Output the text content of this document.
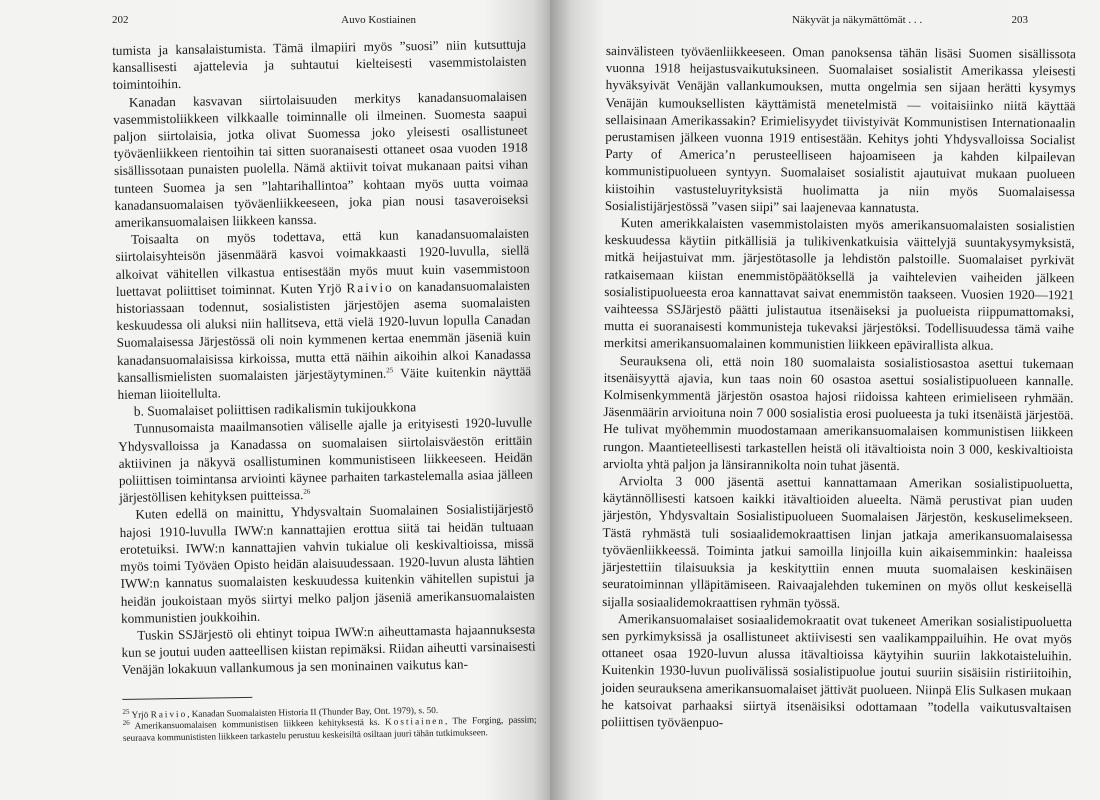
202	Auvo Kostiainen

tumista ja kansalaistumista. Tämä ilmapiiri myös ”suosi” niin kutsuttuja kansallisesti ajattelevia ja suhtautui kielteisesti vasemmistolaisten toimintoihin.

Kanadan kasvavan siirtolaisuuden merkitys kanadansuomalaisen vasemmistoliikkeen vilkkaalle toiminnalle oli ilmeinen. Suomesta saapui paljon siirtolaisia, jotka olivat Suomessa joko yleisesti osallistuneet työväenliikkeen rientoihin tai sitten suoranaisesti ottaneet osaa vuoden 1918 sisällissotaan punaisten puolella. Nämä aktiivit toivat mukanaan paitsi vihan tunteen Suomea ja sen ”lahtarihallintoa” kohtaan myös uutta voimaa kanadansuomalaisen työväenliikkeeseen, joka pian nousi tasaveroiseksi amerikansuomalaisen liikkeen kanssa.

Toisaalta on myös todettava, että kun kanadansuomalaisten siirtolaisyhteisön jäsenmäärä kasvoi voimakkaasti 1920-luvulla, siellä alkoivat vähitellen vilkastua entisestään myös muut kuin vasemmistoon luettavat poliittiset toiminnat. Kuten Yrjö Raivio on kanadansuomalaisten historiassaan todennut, sosialististen järjestöjen asema suomalaisten keskuudessa oli aluksi niin hallitseva, että vielä 1920-luvun lopulla Canadan Suomalaisessa Järjestössä oli noin kymmenen kertaa enemmän jäseniä kuin kanadansuomalaisissa kirkoissa, mutta että näihin aikoihin alkoi Kanadassa kansallismielisten suomalaisten järjestäytyminen.$^{25}$ Väite kuitenkin näyttää hieman liioitellulta.

b. Suomalaiset poliittisen radikalismin tukijoukkona

Tunnusomaista maailmansotien väliselle ajalle ja erityisesti 1920-luvulle Yhdysvalloissa ja Kanadassa on suomalaisen siirtolaisväestön erittäin aktiivinen ja näkyvä osallistuminen kommunistiseen liikkeeseen. Heidän poliittisen toimintansa arviointi käynee parhaiten tarkastelemalla asiaa jälleen järjestöllisen kehityksen puitteissa.$^{26}$

Kuten edellä on mainittu, Yhdysvaltain Suomalainen Sosialistijärjestö hajosi 1910-luvulla IWW:n kannattajien erottua siitä tai heidän tultuaan erotetuiksi. IWW:n kannattajien vahvin tukialue oli keskivaltioissa, missä myös toimi Työväen Opisto heidän alaisuudessaan. 1920-luvun alusta lähtien IWW:n kannatus suomalaisten keskuudessa kuitenkin vähitellen supistui ja heidän joukoistaan myös siirtyi melko paljon jäseniä amerikansuomalaisten kommunistien joukkoihin.

Tuskin SSJärjestö oli ehtinyt toipua IWW:n aiheuttamasta hajaannuksesta kun se joutui uuden aatteellisen kiistan repimäksi. Riidan aiheutti varsinaisesti Venäjän lokakuun vallankumous ja sen moninainen vaikutus kan-

$^{25}$ Yrjö Raivio, Kanadan Suomalaisten Historia II (Thunder Bay, Ont. 1979), s. 50.

$^{26}$ Amerikansuomalaisen kommunistisen liikkeen kehityksestä ks. Kostiainen, The Forging, passim; seuraava kommunististen liikkeen tarkastelu perustuu keskeisiltä osiltaan juuri tähän tutkimukseen.

Näkyvät ja näkymättömät . . .	203

sainvälisteen työväenliikkeeseen. Oman panoksensa tähän lisäsi Suomen sisällissota vuonna 1918 heijastusvaikutuksineen. Suomalaiset sosialistit Amerikassa yleisesti hyväksyivät Venäjän vallankumouksen, mutta ongelmia sen sijaan herätti kysymys Venäjän kumouksellisten käyttämistä menetelmistä — voitaisiinko niitä käyttää sellaisinaan Amerikassakin? Erimielisyydet tiivistyivät Kommunistisen Internationaalin perustamisen jälkeen vuonna 1919 entisestään. Kehitys johti Yhdysvalloissa Socialist Party of America’n perusteelliseen hajoamiseen ja kahden kilpailevan kommunistipuolueen syntyyn. Suomalaiset sosialistit ajautuivat mukaan puolueen kiistoihin vastusteluyrityksistä huolimatta ja niin myös Suomalaisessa Sosialistijärjestössä ”vasen siipi” sai laajenevaa kannatusta.

Kuten amerikkalaisten vasemmistolaisten myös amerikansuomalaisten sosialistien keskuudessa käytiin pitkällisiä ja tulikivenkatkuisia väittelyjä suuntakysymyksistä, mitkä heijastuivat mm. järjestötasolle ja lehdistön palstoille. Suomalaiset pyrkivät ratkaisemaan kiistan enemmistöpäätöksellä ja vaihtelevien vaiheiden jälkeen sosialistipuolueesta eroa kannattavat saivat enemmistön taakseen. Vuosien 1920—1921 vaihteessa SSJärjestö päätti julistautua itsenäiseksi ja puolueista riippumattomaksi, mutta ei suoranaisesti kommunisteja tukevaksi järjestöksi. Todellisuudessa tämä vaihe merkitsi amerikansuomalainen kommunistien liikkeen epävirallista alkua.

Seurauksena oli, että noin 180 suomalaista sosialistiosastoa asettui tukemaan itsenäisyyttä ajavia, kun taas noin 60 osastoa asettui sosialistipuolueen kannalle. Kolmisenkymmentä järjestön osastoa hajosi riidoissa kahteen erimieliseen ryhmään. Jäsenmäärin arvioituna noin 7 000 sosialistia erosi puolueesta ja tuki itsenäistä järjestöä. He tulivat myöhemmin muodostamaan amerikansuomalaisen kommunistisen liikkeen rungon. Maantieteellisesti tarkastellen heistä oli itävaltioista noin 3 000, keskivaltioista arviolta yhtä paljon ja länsirannikolta noin tuhat jäsentä.

Arviolta 3 000 jäsentä asettui kannattamaan Amerikan sosialistipuoluetta, käytännöllisesti katsoen kaikki itävaltioiden alueelta. Nämä perustivat pian uuden järjestön, Yhdysvaltain Sosialistipuolueen Suomalaisen Järjestön, keskuselimekseen. Tästä ryhmästä tuli sosiaalidemokraattisen linjan jatkaja amerikansuomalaisessa työväenliikkeessä. Toiminta jatkui samoilla linjoilla kuin aikaisemminkin: haaleissa järjestettiin tilaisuuksia ja keskityttiin ennen muuta suomalaisen keskinäisen seuratoiminnan ylläpitämiseen. Raivaajalehden tukeminen on myös ollut keskeisellä sijalla sosiaalidemokraattisen ryhmän työssä.

Amerikansuomalaiset sosiaalidemokraatit ovat tukeneet Amerikan sosialistipuoluetta sen pyrkimyksissä ja osallistuneet aktiivisesti sen vaalikamppailuihin. He ovat myös ottaneet osaa 1920-luvun alussa itävaltioissa käytyihin suuriin lakkotaisteluihin. Kuitenkin 1930-luvun puolivälissä sosialistipuolue joutui suuriin sisäisiin ristiriitoihin, joiden seurauksena amerikansuomalaiset jättivät puolueen. Niinpä Elis Sulkasen mukaan he katsoivat parhaaksi siirtyä itsenäisiksi odottamaan ”todella vaikutusvaltaisen poliittisen työväenpuo-
